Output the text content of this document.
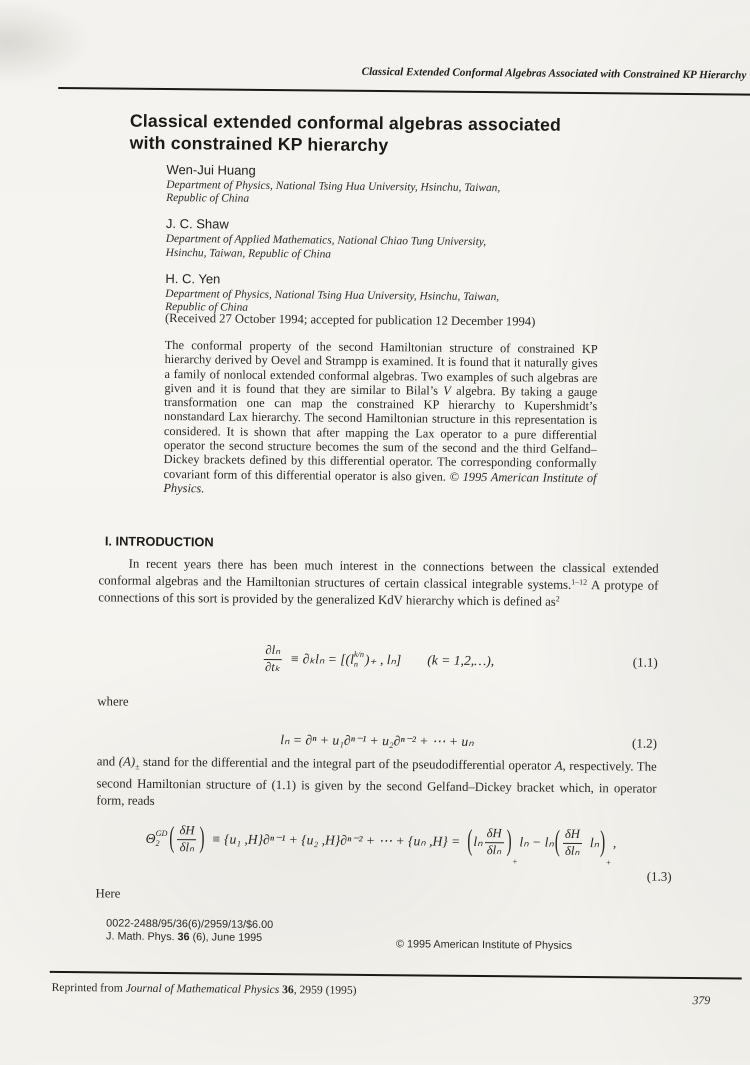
Classical Extended Conformal Algebras Associated with Constrained KP Hierarchy
Classical extended conformal algebras associated
with constrained KP hierarchy
Wen-Jui Huang
Department of Physics, National Tsing Hua University, Hsinchu, Taiwan,
Republic of China
J. C. Shaw
Department of Applied Mathematics, National Chiao Tung University,
Hsinchu, Taiwan, Republic of China
H. C. Yen
Department of Physics, National Tsing Hua University, Hsinchu, Taiwan,
Republic of China

(Received 27 October 1994; accepted for publication 12 December 1994)

The conformal property of the second Hamiltonian structure of constrained KP hierarchy derived by Oevel and Strampp is examined. It is found that it naturally gives a family of nonlocal extended conformal algebras. Two examples of such algebras are given and it is found that they are similar to Bilal’s V algebra. By taking a gauge transformation one can map the constrained KP hierarchy to Kupershmidt’s nonstandard Lax hierarchy. The second Hamiltonian structure in this representation is considered. It is shown that after mapping the Lax operator to a pure differential operator the second structure becomes the sum of the second and the third Gelfand–Dickey brackets defined by this differential operator. The corresponding conformally covariant form of this differential operator is also given. © 1995 American Institute of Physics.

I. INTRODUCTION

In recent years there has been much interest in the connections between the classical extended conformal algebras and the Hamiltonian structures of certain classical integrable systems.$^{1-12}$ A protype of connections of this sort is provided by the generalized KdV hierarchy which is defined $as^2$

$\frac{\text{∂lₙ}}{\text{∂tₖ}} \equiv \partial_kl_n = [(l$ k/n
n )₊ , lₙ] (k = 1,2,…),	(1.1)

where

lₙ = ∂ⁿ + u₁∂ⁿ⁻¹ + u₂∂ⁿ⁻² + ⋯ + uₙ	(1.2)

and $(A)_\pm$ stand for the differential and the integral part of the pseudodifferential operator A, respectively. The second Hamiltonian structure of (1.1) is given by the second Gelfand–Dickey bracket which, in operator form, reads

Θ GD
2 ( $\frac{\delta H}{\text{δlₙ}}$ ) ≡ {u₁ ,H}∂ⁿ⁻¹ + {u₂ ,H}∂ⁿ⁻² + ⋯ + {uₙ ,H} = ( lₙ $\frac{\delta H}{\text{δlₙ}}$ )
+
lₙ − lₙ ( $\frac{\delta H}{\text{δlₙ}}$ lₙ )
+
,
(1.3)

Here

0022-2488/95/36(6)/2959/13/$6.00
J. Math. Phys. 36 (6), June 1995
© 1995 American Institute of Physics
Reprinted from Journal of Mathematical Physics 36, 2959 (1995)
379
